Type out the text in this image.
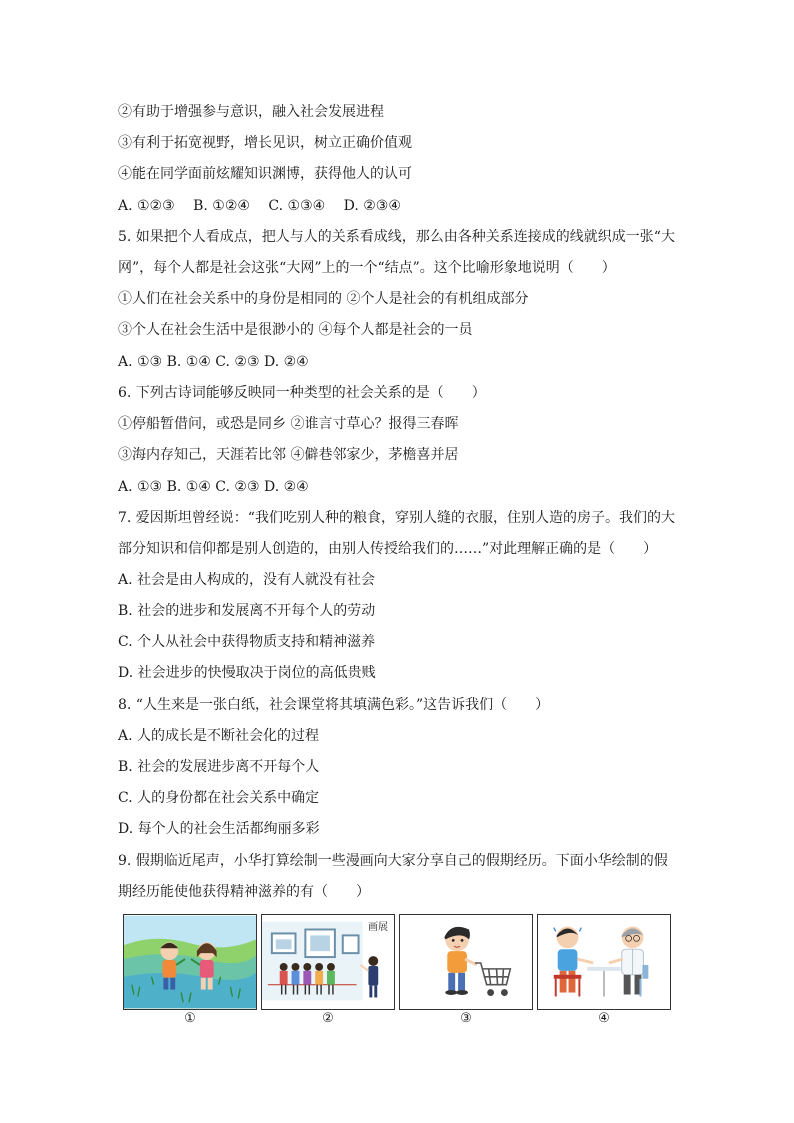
②有助于增强参与意识，融入社会发展进程
③有利于拓宽视野，增长见识，树立正确价值观
④能在同学面前炫耀知识渊博，获得他人的认可
A. ①②③　 B. ①②④　 C. ①③④　 D. ②③④
5. 如果把个人看成点，把人与人的关系看成线，那么由各种关系连接成的线就织成一张“大
网”，每个人都是社会这张“大网”上的一个“结点”。这个比喻形象地说明（　　）
①人们在社会关系中的身份是相同的 ②个人是社会的有机组成部分
③个人在社会生活中是很渺小的 ④每个人都是社会的一员
A. ①③ B. ①④ C. ②③ D. ②④
6. 下列古诗词能够反映同一种类型的社会关系的是（　　）
①停船暂借问，或恐是同乡 ②谁言寸草心？报得三春晖
③海内存知己，天涯若比邻 ④僻巷邻家少，茅檐喜并居
A. ①③ B. ①④ C. ②③ D. ②④
7. 爱因斯坦曾经说：“我们吃别人种的粮食，穿别人缝的衣服，住别人造的房子。我们的大
部分知识和信仰都是别人创造的，由别人传授给我们的……”对此理解正确的是（　　）
A. 社会是由人构成的，没有人就没有社会
B. 社会的进步和发展离不开每个人的劳动
C. 个人从社会中获得物质支持和精神滋养
D. 社会进步的快慢取决于岗位的高低贵贱
8. “人生来是一张白纸，社会课堂将其填满色彩。”这告诉我们（　　）
A. 人的成长是不断社会化的过程
B. 社会的发展进步离不开每个人
C. 人的身份都在社会关系中确定
D. 每个人的社会生活都绚丽多彩
9. 假期临近尾声，小华打算绘制一些漫画向大家分享自己的假期经历。下面小华绘制的假
期经历能使他获得精神滋养的有（　　）
画展
①	②	③	④
